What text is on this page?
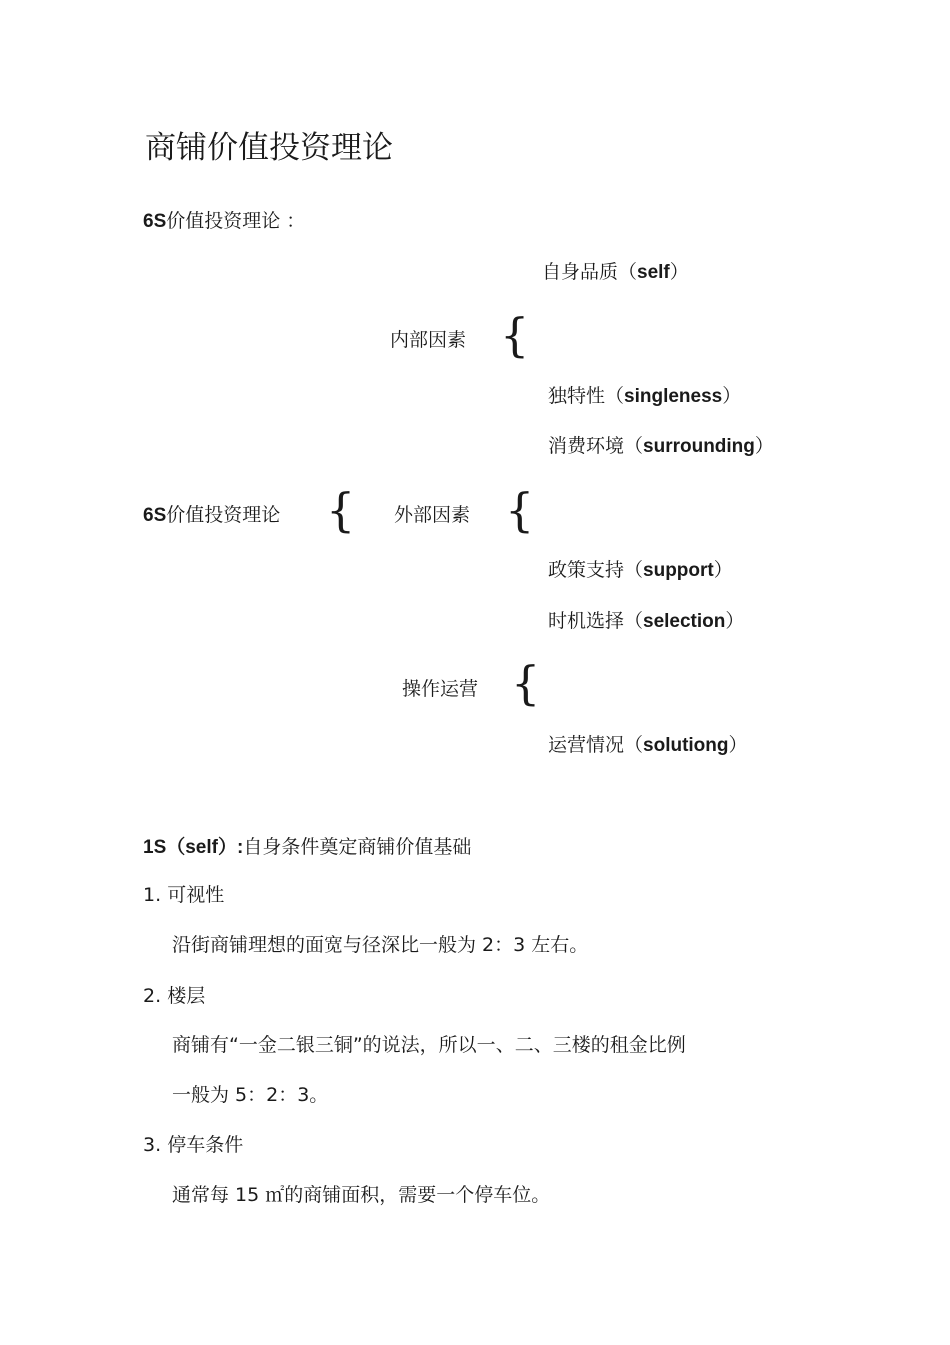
商铺价值投资理论
6S价值投资理论 ：
自身品质（self）
内部因素 {
独特性（singleness）
消费环境（surrounding）
6S价值投资理论 { 外部因素 {
政策支持（support）
时机选择（selection）
操作运营 {
运营情况（solutiong）
1S（self）:自身条件奠定商铺价值基础
1. 可视性
沿街商铺理想的面宽与径深比一般为 2：3 左右。
2. 楼层
商铺有“一金二银三铜”的说法，所以一、二、三楼的租金比例
一般为 5：2：3。
3. 停车条件
通常每 15 ㎡的商铺面积，需要一个停车位。
